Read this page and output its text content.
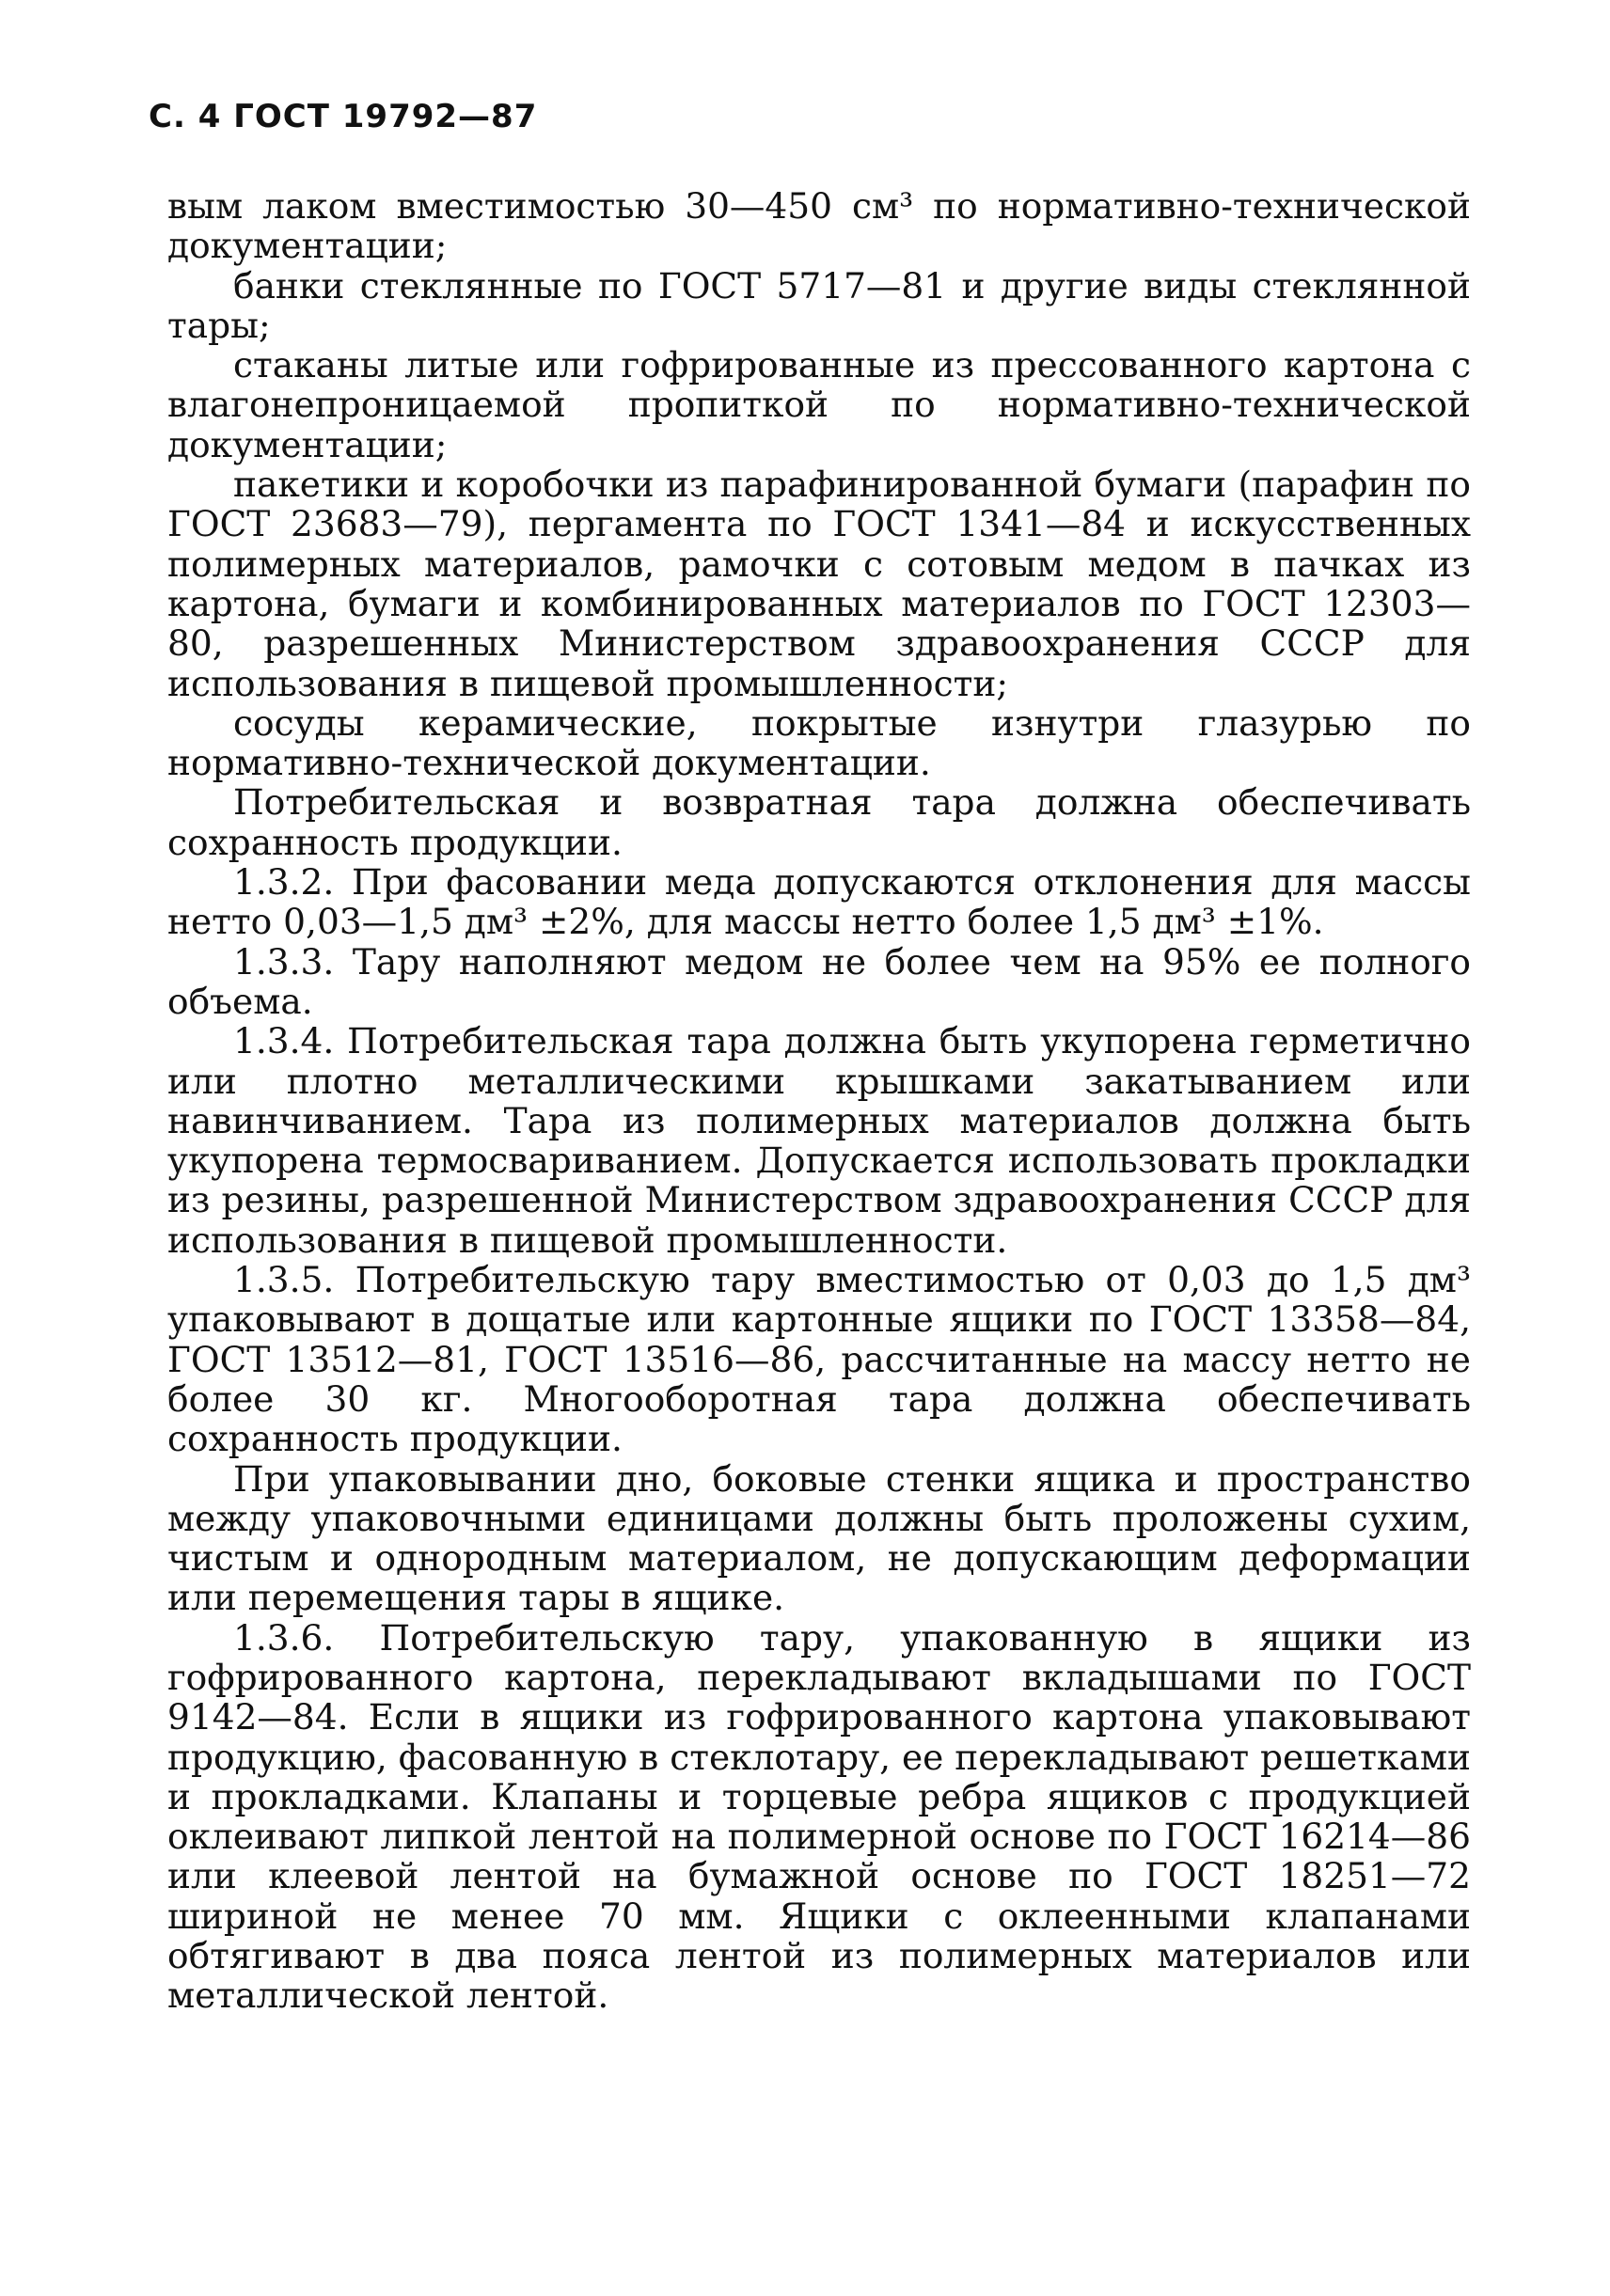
С. 4 ГОСТ 19792—87

вым лаком вместимостью 30—450 см³ по нормативно-технической документации;

банки стеклянные по ГОСТ 5717—81 и другие виды стеклянной тары;

стаканы литые или гофрированные из прессованного картона с влагонепроницаемой пропиткой по нормативно-технической документации;

пакетики и коробочки из парафинированной бумаги (парафин по ГОСТ 23683—79), пергамента по ГОСТ 1341—84 и искусственных полимерных материалов, рамочки с сотовым медом в пачках из картона, бумаги и комбинированных материалов по ГОСТ 12303—80, разрешенных Министерством здравоохранения СССР для использования в пищевой промышленности;

сосуды керамические, покрытые изнутри глазурью по нормативно-технической документации.

Потребительская и возвратная тара должна обеспечивать сохранность продукции.

1.3.2. При фасовании меда допускаются отклонения для массы нетто 0,03—1,5 дм³ ±2%, для массы нетто более 1,5 дм³ ±1%.

1.3.3. Тару наполняют медом не более чем на 95% ее полного объема.

1.3.4. Потребительская тара должна быть укупорена герметично или плотно металлическими крышками закатыванием или навинчиванием. Тара из полимерных материалов должна быть укупорена термосвариванием. Допускается использовать прокладки из резины, разрешенной Министерством здравоохранения СССР для использования в пищевой промышленности.

1.3.5. Потребительскую тару вместимостью от 0,03 до 1,5 дм³ упаковывают в дощатые или картонные ящики по ГОСТ 13358—84, ГОСТ 13512—81, ГОСТ 13516—86, рассчитанные на массу нетто не более 30 кг. Многооборотная тара должна обеспечивать сохранность продукции.

При упаковывании дно, боковые стенки ящика и пространство между упаковочными единицами должны быть проложены сухим, чистым и однородным материалом, не допускающим деформации или перемещения тары в ящике.

1.3.6. Потребительскую тару, упакованную в ящики из гофрированного картона, перекладывают вкладышами по ГОСТ 9142—84. Если в ящики из гофрированного картона упаковывают продукцию, фасованную в стеклотару, ее перекладывают решетками и прокладками. Клапаны и торцевые ребра ящиков с продукцией оклеивают липкой лентой на полимерной основе по ГОСТ 16214—86 или клеевой лентой на бумажной основе по ГОСТ 18251—72 шириной не менее 70 мм. Ящики с оклеенными клапанами обтягивают в два пояса лентой из полимерных материалов или металлической лентой.
